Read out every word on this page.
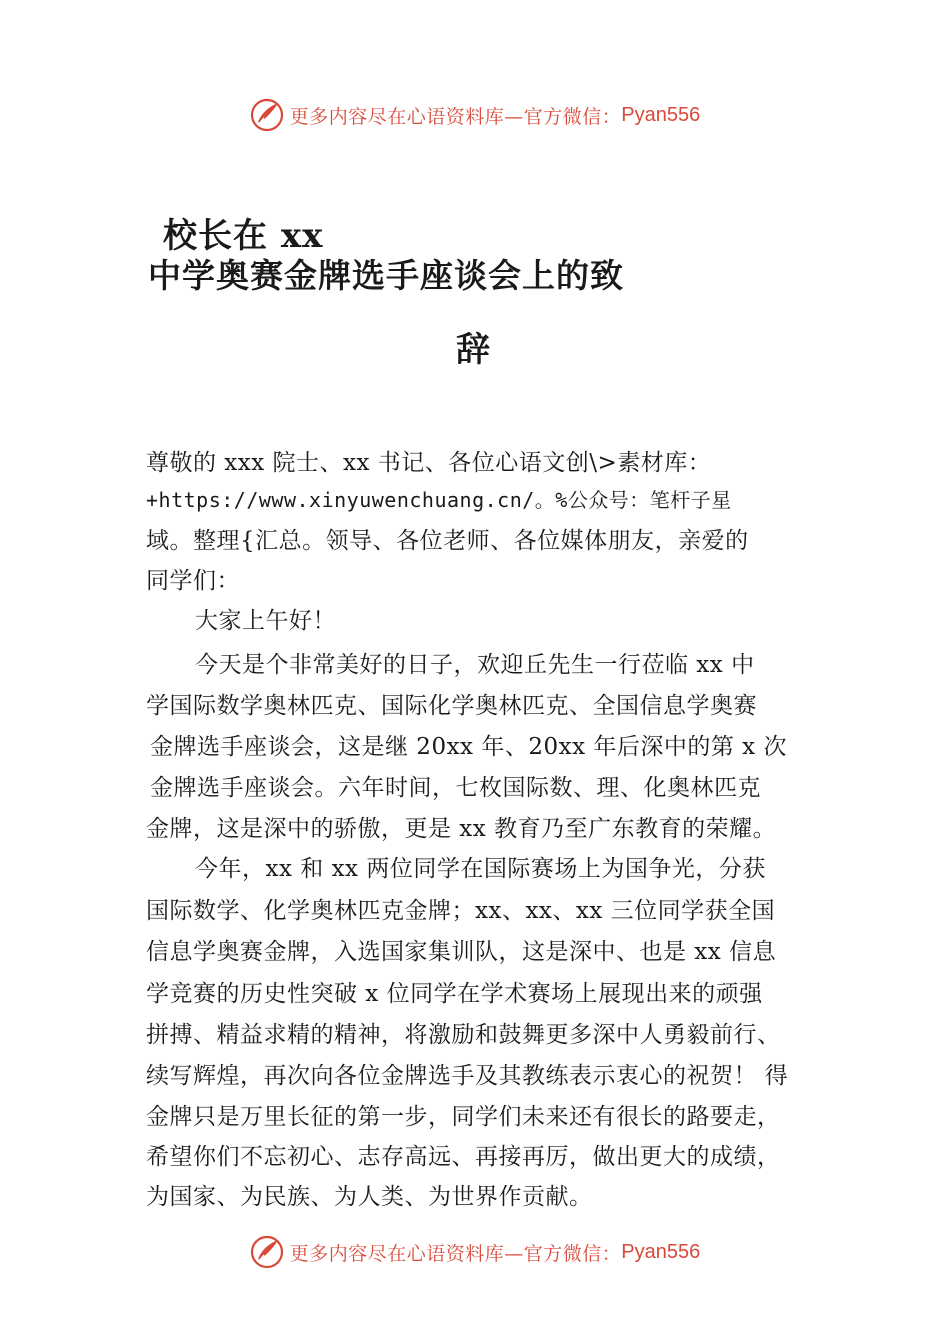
更多内容尽在心语资料库—官方微信： Pyan556
校长在 xx
中学奥赛金牌选手座谈会上的致
辞
尊敬的 xxx 院士、xx 书记、各位心语文创\>素材库：
+https://www.xinyuwenchuang.cn/。%公众号：笔杆子星
域。整理{汇总。领导、各位老师、各位媒体朋友，亲爱的
同学们：
大家上午好！
今天是个非常美好的日子，欢迎丘先生一行莅临 xx 中
学国际数学奥林匹克、国际化学奥林匹克、全国信息学奥赛
金牌选手座谈会，这是继 20xx 年、20xx 年后深中的第 x 次
金牌选手座谈会。六年时间，七枚国际数、理、化奥林匹克
金牌，这是深中的骄傲，更是 xx 教育乃至广东教育的荣耀。
今年，xx 和 xx 两位同学在国际赛场上为国争光，分获
国际数学、化学奥林匹克金牌；xx、xx、xx 三位同学获全国
信息学奥赛金牌，入选国家集训队，这是深中、也是 xx 信息
学竞赛的历史性突破 x 位同学在学术赛场上展现出来的顽强
拼搏、精益求精的精神，将激励和鼓舞更多深中人勇毅前行、
续写辉煌，再次向各位金牌选手及其教练表示衷心的祝贺！ 得
金牌只是万里长征的第一步，同学们未来还有很长的路要走，
希望你们不忘初心、志存高远、再接再厉，做出更大的成绩，
为国家、为民族、为人类、为世界作贡献。
更多内容尽在心语资料库—官方微信： Pyan556
